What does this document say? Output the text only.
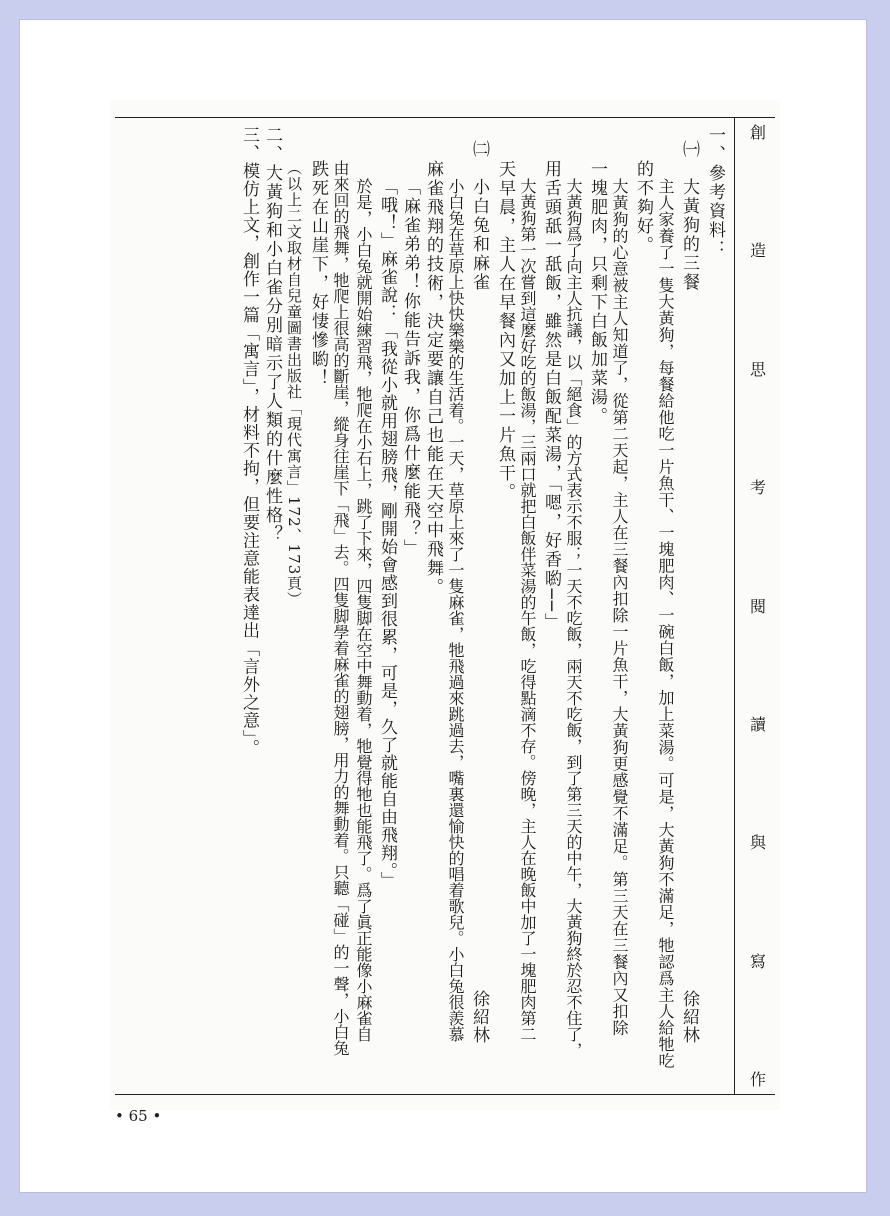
創
造
思
考
閱
讀
與
寫
作
一、參考資料：
㈠　大黃狗的三餐
徐紹林
主人家養了一隻大黃狗，每餐給他吃一片魚干、一塊肥肉、一碗白飯，加上菜湯。可是，大黃狗不滿足，牠認爲主人給牠吃
的不夠好。
大黃狗的心意被主人知道了，從第二天起，主人在三餐內扣除一片魚干，大黃狗更感覺不滿足。第三天在三餐內又扣除
一塊肥肉，只剩下白飯加菜湯。
大黃狗爲了向主人抗議，以「絕食」的方式表示不服；一天不吃飯，兩天不吃飯，到了第三天的中午，大黃狗終於忍不住了，
用舌頭舐一舐飯，雖然是白飯配菜湯，「嗯，好香喲──」
大黃狗第一次嘗到這麼好吃的飯湯，三兩口就把白飯伴菜湯的午飯，吃得點滴不存。傍晚，主人在晚飯中加了一塊肥肉第二
天早晨，主人在早餐內又加上一片魚干。
㈡　小白兔和麻雀
徐紹林
小白兔在草原上快快樂樂的生活着。一天，草原上來了一隻麻雀，牠飛過來跳過去，嘴裏還愉快的唱着歌兒。小白兔很羨慕
麻雀飛翔的技術，決定要讓自己也能在天空中飛舞。
「麻雀弟弟！你能告訴我，你爲什麼能飛？」
「哦！」麻雀說：「我從小就用翅膀飛，剛開始會感到很累，可是，久了就能自由飛翔。」
於是，小白兔就開始練習飛，牠爬在小石上，跳了下來，四隻脚在空中舞動着，牠覺得牠也能飛了。爲了眞正能像小麻雀自
由來回的飛舞，牠爬上很高的斷崖，縱身往崖下「飛」去。四隻脚學着麻雀的翅膀，用力的舞動着。只聽「碰」的一聲，小白兔
跌死在山崖下，好悽慘喲！
（以上二文取材自兒童圖書出版社「現代寓言」172、173頁）
二、大黃狗和小白雀分別暗示了人類的什麼性格？
三、模仿上文，創作一篇「寓言」，材料不拘，但要注意能表達出「言外之意」。
• 65 •
